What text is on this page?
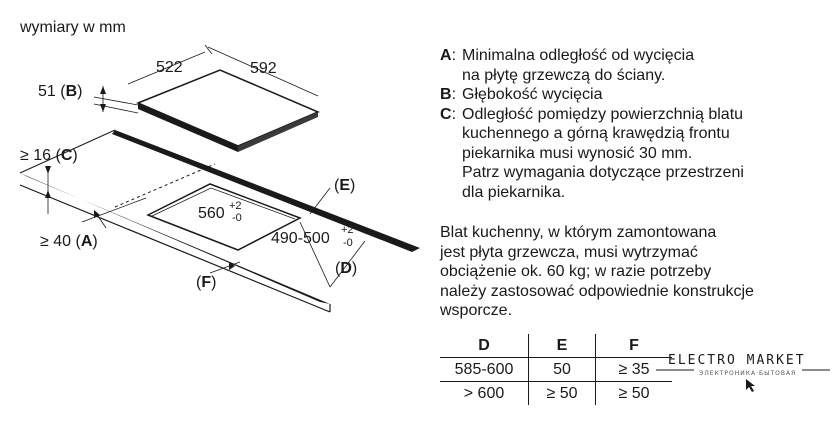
wymiary w mm
522	592
51 (B)
≥ 16 (C)
≥ 40 (A)
560 +2
-0
490-500 +2
-0
(E)
(D)
(F)
A: Minimalna odległość od wycięcia
na płytę grzewczą do ściany.
B: Głębokość wycięcia
C: Odległość pomiędzy powierzchnią blatu
kuchennego a górną krawędzią frontu
piekarnika musi wynosić 30 mm.
Patrz wymagania dotyczące przestrzeni
dla piekarnika.
Blat kuchenny, w którym zamontowana
jest płyta grzewcza, musi wytrzymać
obciążenie ok. 60 kg; w razie potrzeby
należy zastosować odpowiednie konstrukcje
wsporcze.
D	E	F
585-600	50	≥ 35
> 600	≥ 50	≥ 50
ELECTRO MARKET
ЭЛЕКТРОНИКА·БЫТОВАЯ
